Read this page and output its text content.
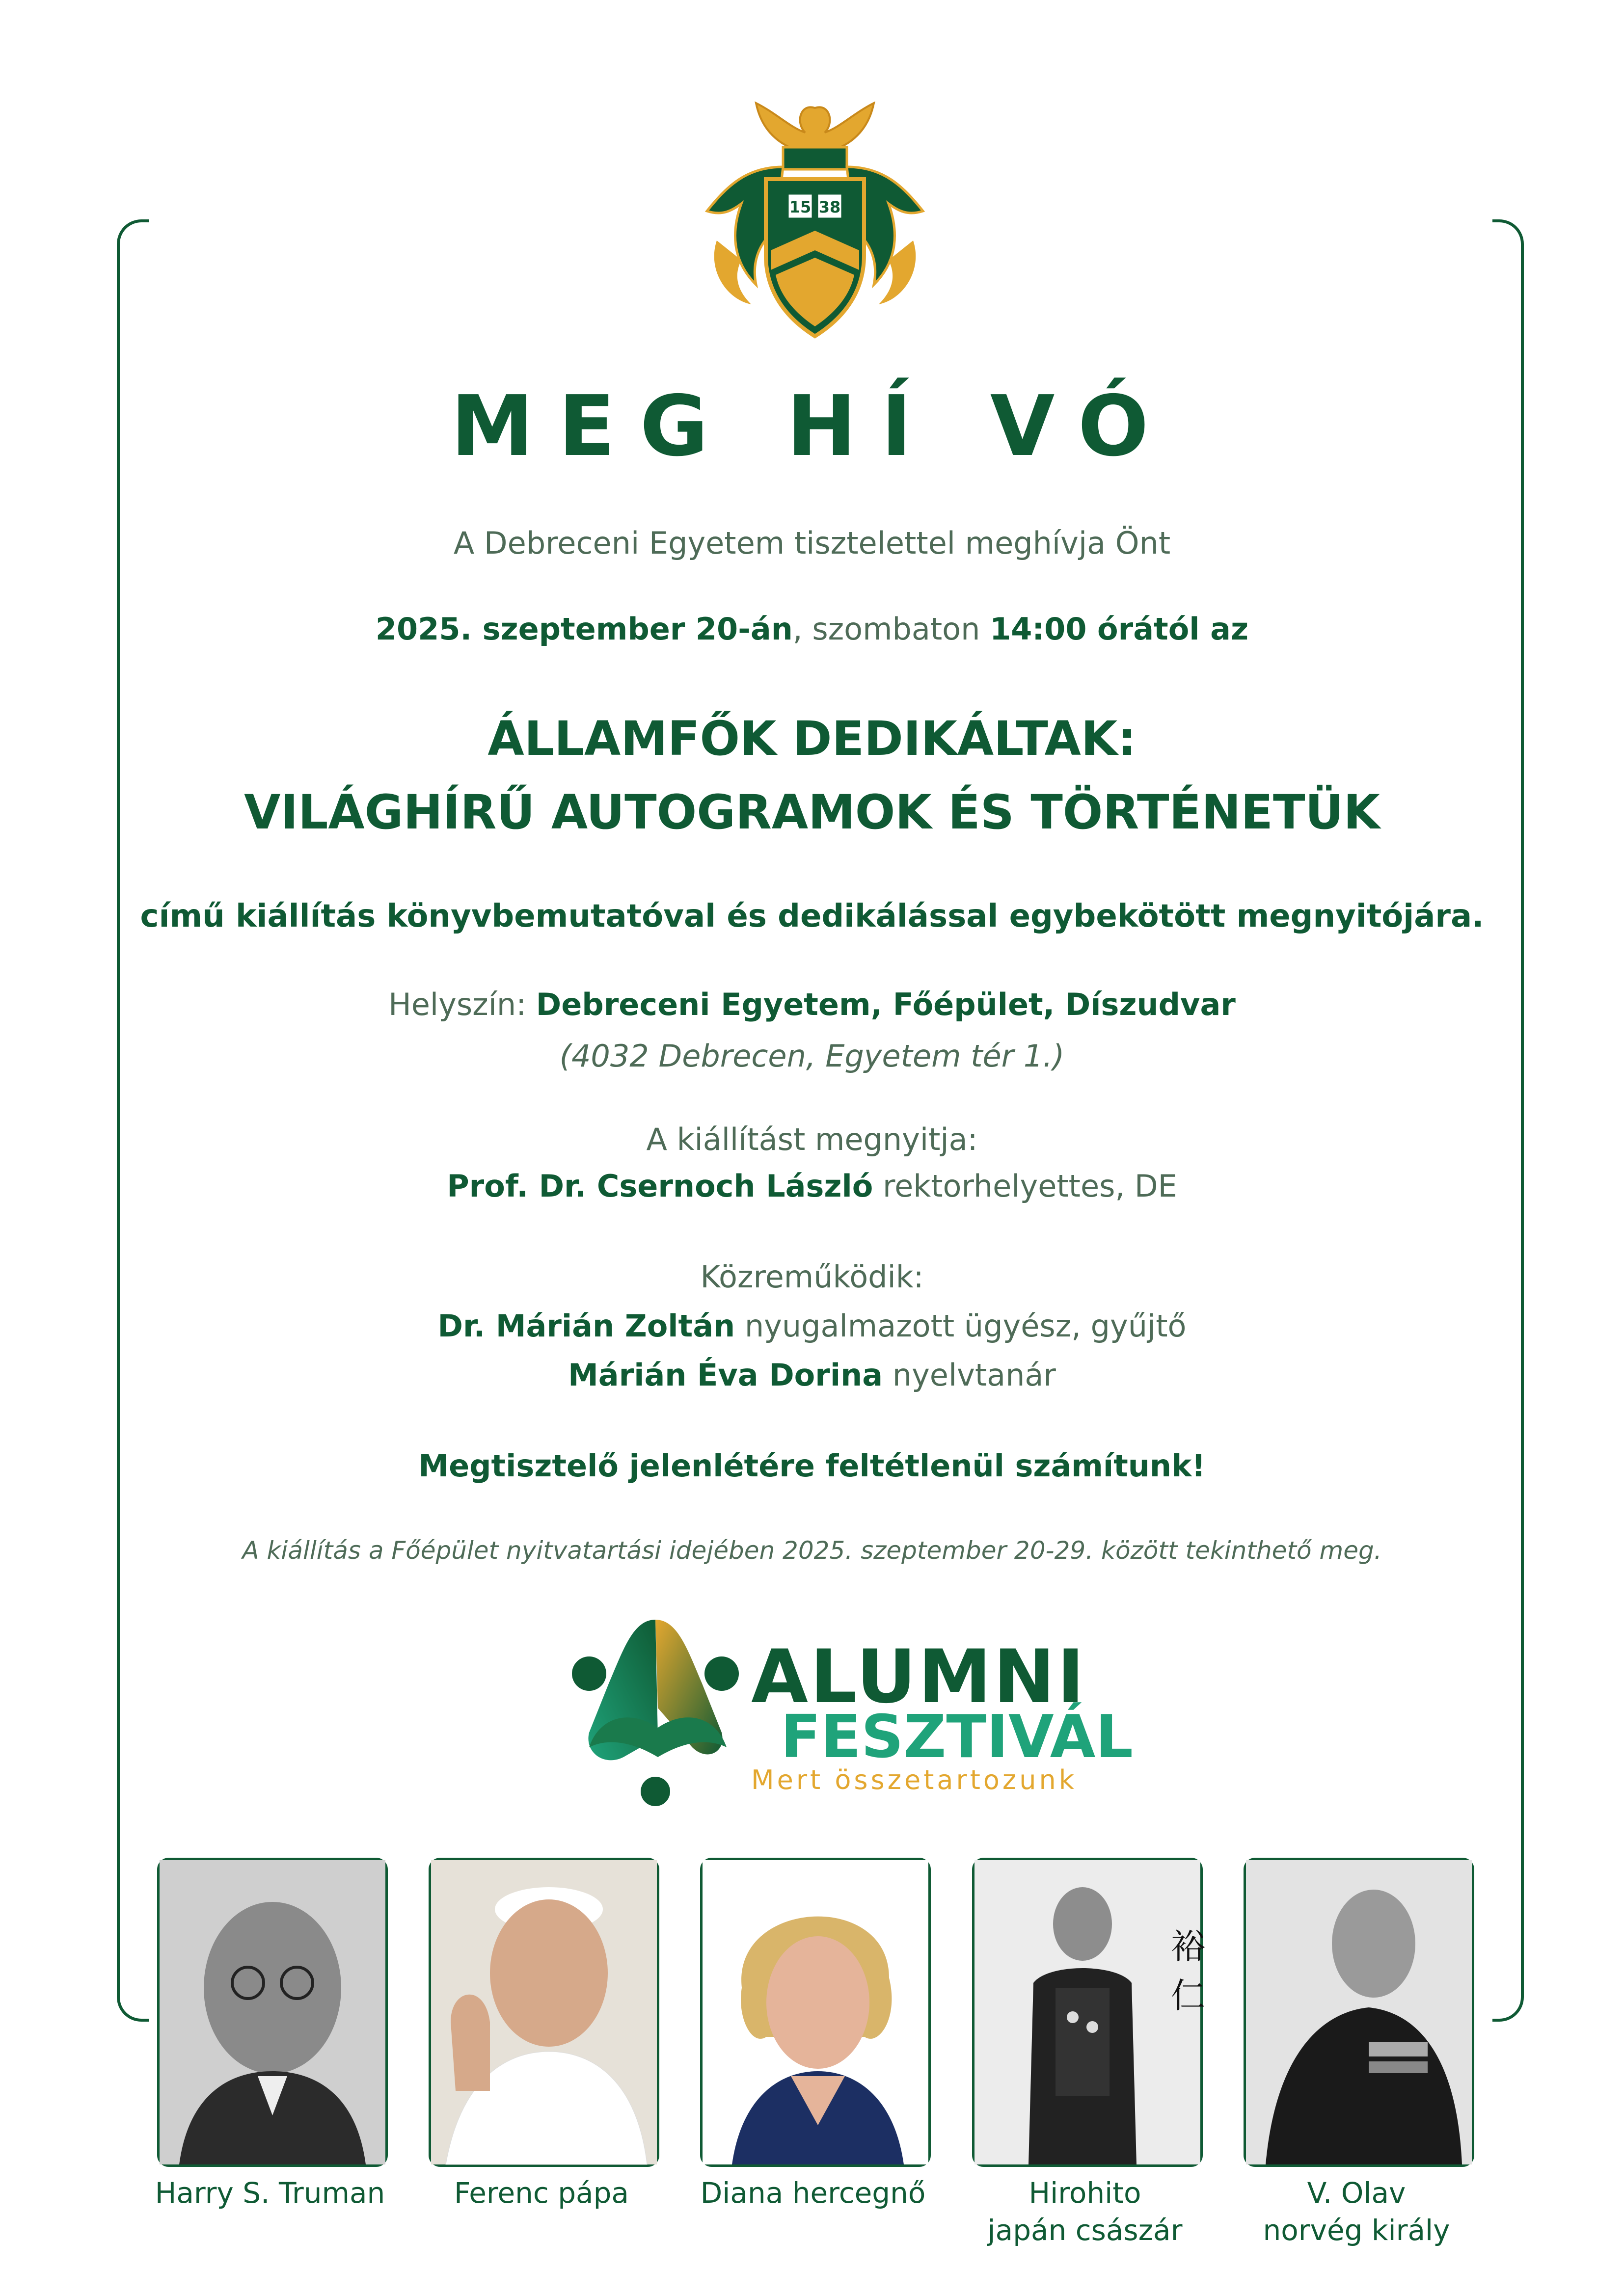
15 38
MEG HÍ VÓ
A Debreceni Egyetem tisztelettel meghívja Önt
2025. szeptember 20-án, szombaton 14:00 órától az
ÁLLAMFŐK DEDIKÁLTAK:
VILÁGHÍRŰ AUTOGRAMOK ÉS TÖRTÉNETÜK
című kiállítás könyvbemutatóval és dedikálással egybekötött megnyitójára.
Helyszín: Debreceni Egyetem, Főépület, Díszudvar
(4032 Debrecen, Egyetem tér 1.)
A kiállítást megnyitja:
Prof. Dr. Csernoch László rektorhelyettes, DE
Közreműködik:
Dr. Márián Zoltán nyugalmazott ügyész, gyűjtő
Márián Éva Dorina nyelvtanár
Megtisztelő jelenlétére feltétlenül számítunk!
A kiállítás a Főépület nyitvatartási idejében 2025. szeptember 20-29. között tekinthető meg.
ALUMNI
FESZTIVÁL
Mert összetartozunk
裕
仁
Harry S. Truman	Ferenc pápa	Diana hercegnő	Hirohito
japán császár
V. Olav
norvég király
